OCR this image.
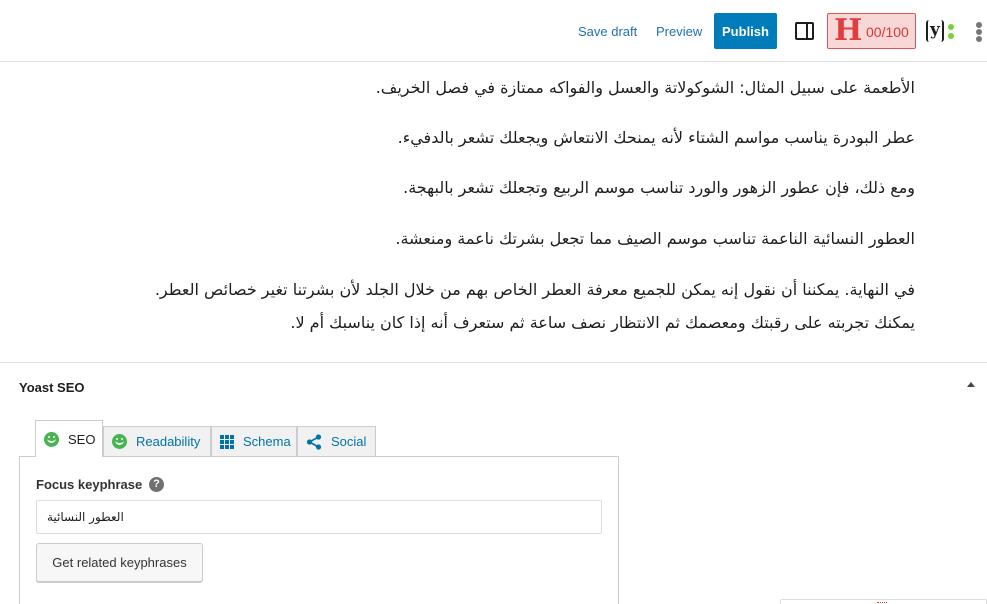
الأطعمة على سبيل المثال: الشوكولاتة والعسل والفواكه ممتازة في فصل الخريف.
عطر البودرة يناسب مواسم الشتاء لأنه يمنحك الانتعاش ويجعلك تشعر بالدفيء.
ومع ذلك، فإن عطور الزهور والورد تناسب موسم الربيع وتجعلك تشعر بالبهجة.
العطور النسائية الناعمة تناسب موسم الصيف مما تجعل بشرتك ناعمة ومنعشة.
في النهاية. يمكننا أن نقول إنه يمكن للجميع معرفة العطر الخاص بهم من خلال الجلد لأن بشرتنا تغير خصائص العطر.
يمكنك تجربته على رقبتك ومعصمك ثم الانتظار نصف ساعة ثم ستعرف أنه إذا كان يناسبك أم لا.
Save draft Preview	Publish H 00/100 y
Yoast SEO
SEO	Readability	Schema	Social
Focus keyphrase ?
العطور النسائية
Get related keyphrases
